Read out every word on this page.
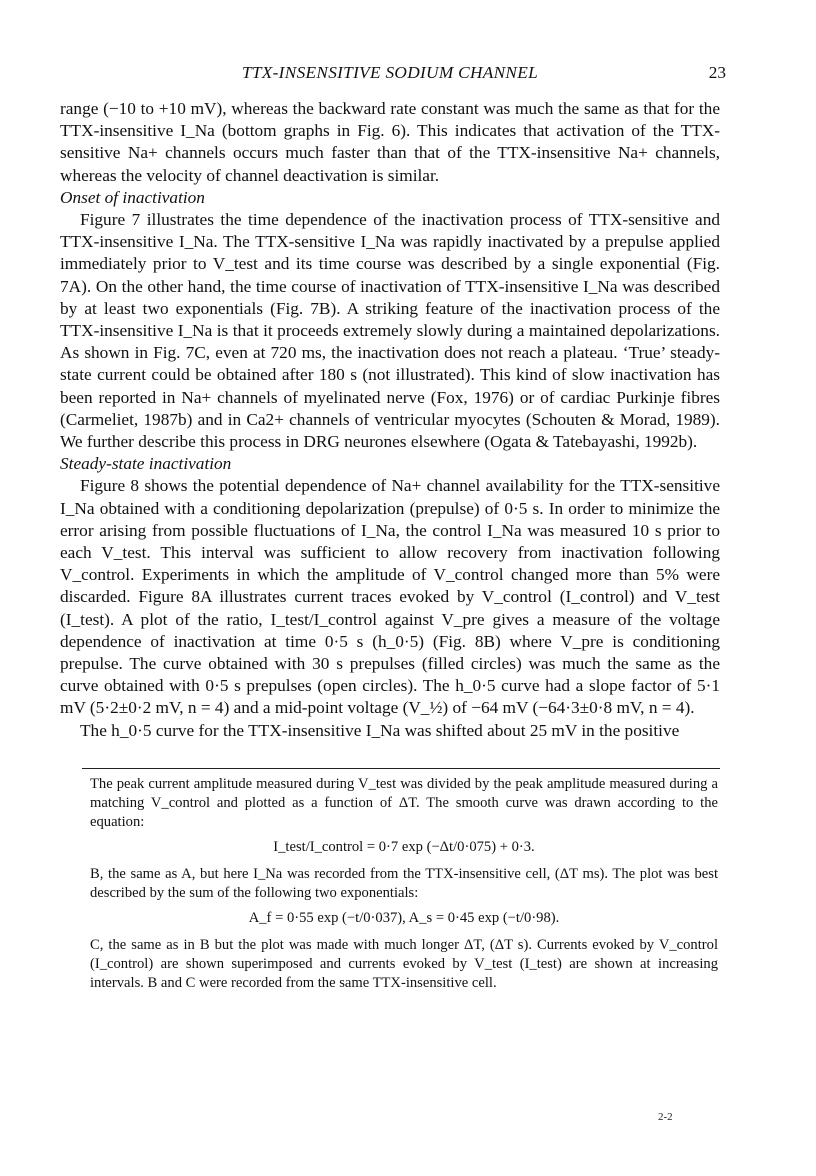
TTX-INSENSITIVE SODIUM CHANNEL	23

range (−10 to +10 mV), whereas the backward rate constant was much the same as that for the TTX-insensitive I_Na (bottom graphs in Fig. 6). This indicates that activation of the TTX-sensitive Na+ channels occurs much faster than that of the TTX-insensitive Na+ channels, whereas the velocity of channel deactivation is similar.

Onset of inactivation

Figure 7 illustrates the time dependence of the inactivation process of TTX-sensitive and TTX-insensitive I_Na. The TTX-sensitive I_Na was rapidly inactivated by a prepulse applied immediately prior to V_test and its time course was described by a single exponential (Fig. 7A). On the other hand, the time course of inactivation of TTX-insensitive I_Na was described by at least two exponentials (Fig. 7B). A striking feature of the inactivation process of the TTX-insensitive I_Na is that it proceeds extremely slowly during a maintained depolarizations. As shown in Fig. 7C, even at 720 ms, the inactivation does not reach a plateau. ‘True’ steady-state current could be obtained after 180 s (not illustrated). This kind of slow inactivation has been reported in Na+ channels of myelinated nerve (Fox, 1976) or of cardiac Purkinje fibres (Carmeliet, 1987b) and in Ca2+ channels of ventricular myocytes (Schouten & Morad, 1989). We further describe this process in DRG neurones elsewhere (Ogata & Tatebayashi, 1992b).

Steady-state inactivation

Figure 8 shows the potential dependence of Na+ channel availability for the TTX-sensitive I_Na obtained with a conditioning depolarization (prepulse) of 0·5 s. In order to minimize the error arising from possible fluctuations of I_Na, the control I_Na was measured 10 s prior to each V_test. This interval was sufficient to allow recovery from inactivation following V_control. Experiments in which the amplitude of V_control changed more than 5% were discarded. Figure 8A illustrates current traces evoked by V_control (I_control) and V_test (I_test). A plot of the ratio, I_test/I_control against V_pre gives a measure of the voltage dependence of inactivation at time 0·5 s (h_0·5) (Fig. 8B) where V_pre is conditioning prepulse. The curve obtained with 30 s prepulses (filled circles) was much the same as the curve obtained with 0·5 s prepulses (open circles). The h_0·5 curve had a slope factor of 5·1 mV (5·2±0·2 mV, n = 4) and a mid-point voltage (V_½) of −64 mV (−64·3±0·8 mV, n = 4).

The h_0·5 curve for the TTX-insensitive I_Na was shifted about 25 mV in the positive

The peak current amplitude measured during V_test was divided by the peak amplitude measured during a matching V_control and plotted as a function of ΔT. The smooth curve was drawn according to the equation:

I_test/I_control = 0·7 exp (−Δt/0·075) + 0·3.

B, the same as A, but here I_Na was recorded from the TTX-insensitive cell, (ΔT ms). The plot was best described by the sum of the following two exponentials:

A_f = 0·55 exp (−t/0·037), A_s = 0·45 exp (−t/0·98).

C, the same as in B but the plot was made with much longer ΔT, (ΔT s). Currents evoked by V_control (I_control) are shown superimposed and currents evoked by V_test (I_test) are shown at increasing intervals. B and C were recorded from the same TTX-insensitive cell.

2-2
